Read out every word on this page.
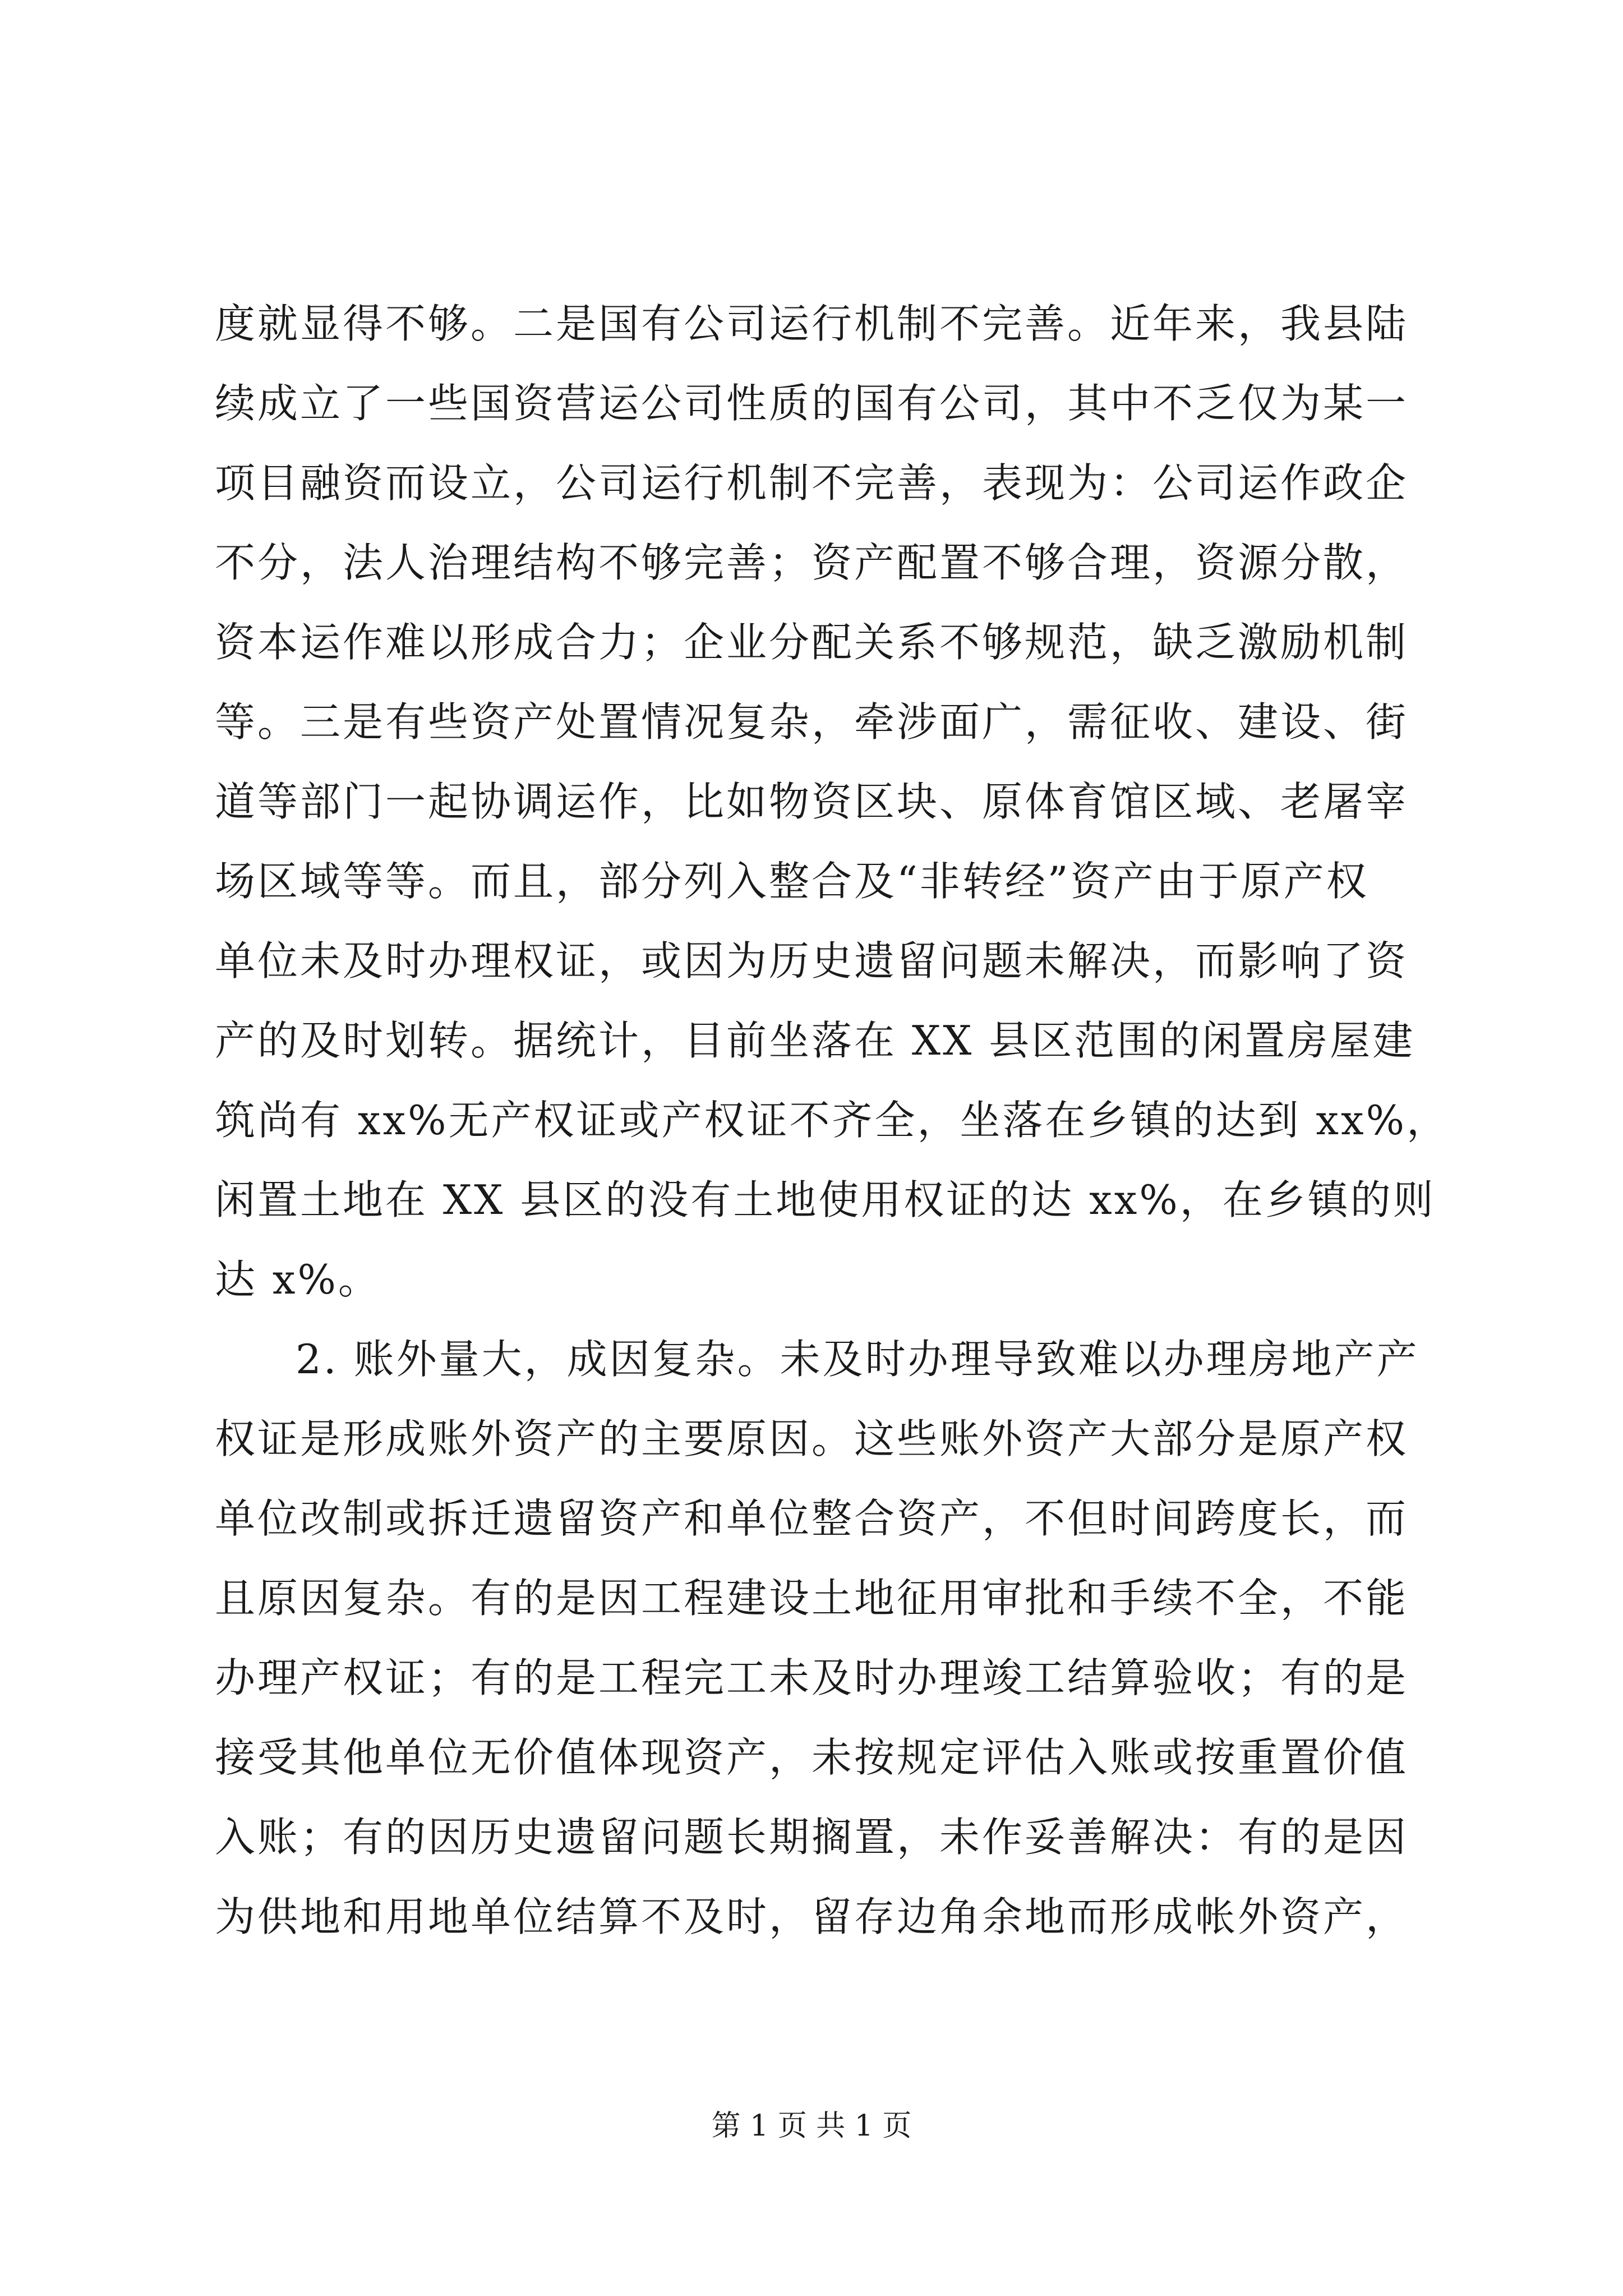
度就显得不够。二是国有公司运行机制不完善。近年来，我县陆
续成立了一些国资营运公司性质的国有公司，其中不乏仅为某一
项目融资而设立，公司运行机制不完善，表现为：公司运作政企
不分，法人治理结构不够完善；资产配置不够合理，资源分散，
资本运作难以形成合力；企业分配关系不够规范，缺乏激励机制
等。三是有些资产处置情况复杂，牵涉面广，需征收、建设、街
道等部门一起协调运作，比如物资区块、原体育馆区域、老屠宰
场区域等等。而且，部分列入整合及“非转经”资产由于原产权
单位未及时办理权证，或因为历史遗留问题未解决，而影响了资
产的及时划转。据统计，目前坐落在 XX 县区范围的闲置房屋建
筑尚有 xx%无产权证或产权证不齐全，坐落在乡镇的达到 xx%，
闲置土地在 XX 县区的没有土地使用权证的达 xx%，在乡镇的则
达 x%。
2. 账外量大，成因复杂。未及时办理导致难以办理房地产产
权证是形成账外资产的主要原因。这些账外资产大部分是原产权
单位改制或拆迁遗留资产和单位整合资产，不但时间跨度长，而
且原因复杂。有的是因工程建设土地征用审批和手续不全，不能
办理产权证；有的是工程完工未及时办理竣工结算验收；有的是
接受其他单位无价值体现资产，未按规定评估入账或按重置价值
入账；有的因历史遗留问题长期搁置，未作妥善解决：有的是因
为供地和用地单位结算不及时，留存边角余地而形成帐外资产，
第 1 页 共 1 页
